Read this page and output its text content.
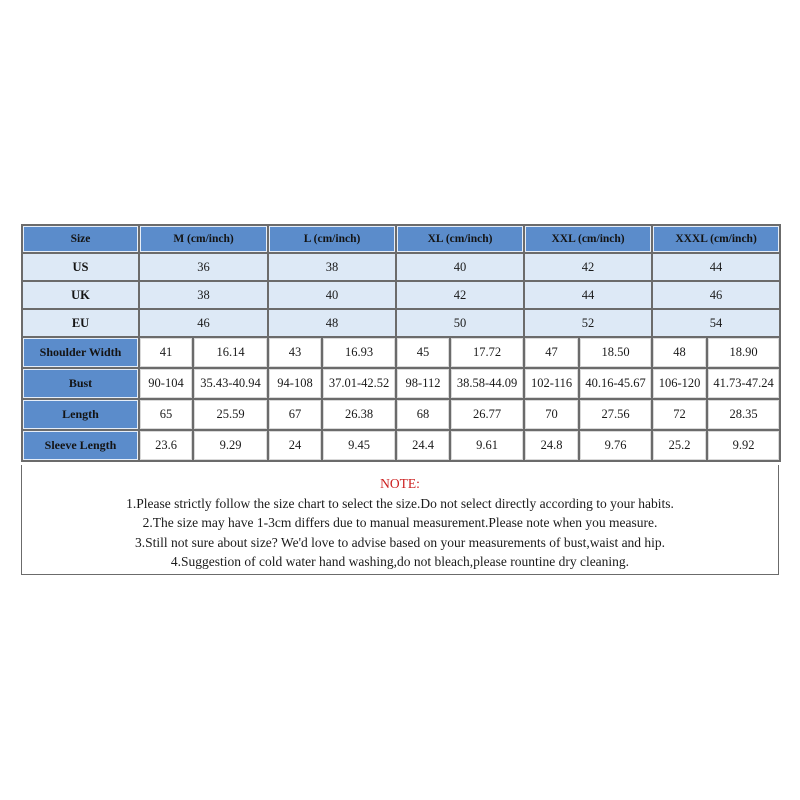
Size	M (cm/inch)		L (cm/inch)		XL (cm/inch)		XXL (cm/inch)		XXXL (cm/inch)	
US	36		38		40		42		44	
UK	38		40		42		44		46	
EU	46		48		50		52		54	
Shoulder Width	41	16.14	43	16.93	45	17.72	47	18.50	48	18.90
Bust	90-104	35.43-40.94	94-108	37.01-42.52	98-112	38.58-44.09	102-116	40.16-45.67	106-120	41.73-47.24
Length	65	25.59	67	26.38	68	26.77	70	27.56	72	28.35
Sleeve Length	23.6	9.29	24	9.45	24.4	9.61	24.8	9.76	25.2	9.92
NOTE:
1.Please strictly follow the size chart to select the size.Do not select directly according to your habits.
2.The size may have 1-3cm differs due to manual measurement.Please note when you measure.
3.Still not sure about size? We'd love to advise based on your measurements of bust,waist and hip.
4.Suggestion of cold water hand washing,do not bleach,please rountine dry cleaning.
